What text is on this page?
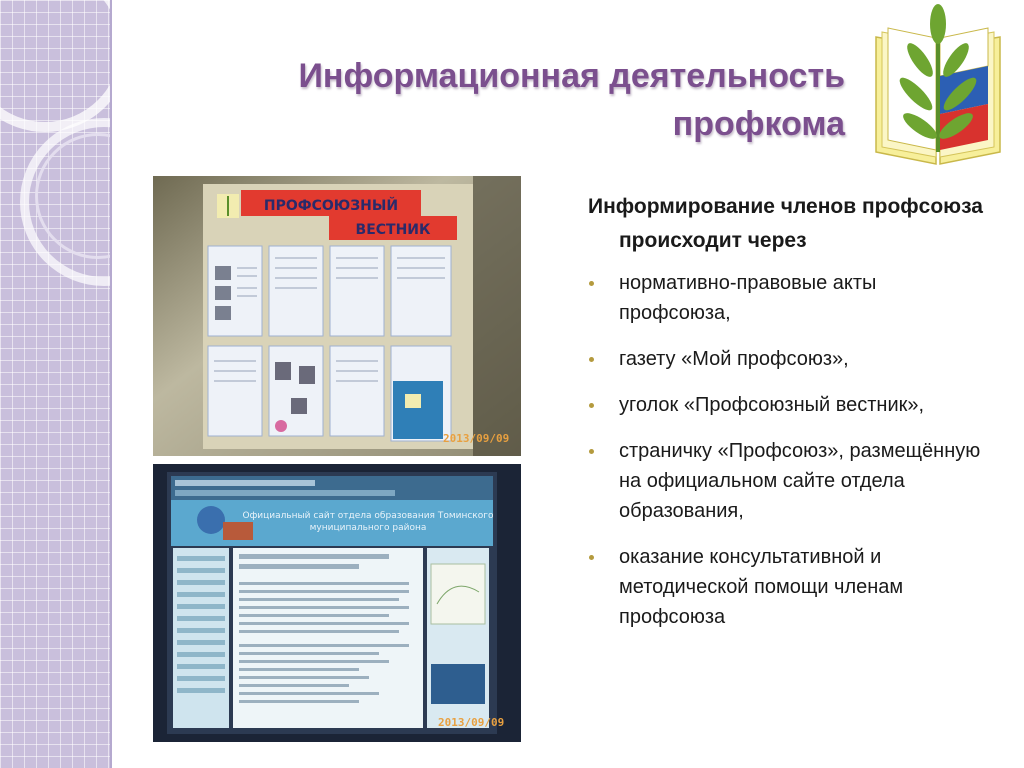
Информационная деятельность
профкома
ПРОФСОЮЗНЫЙ
ВЕСТНИК
2013/09/09
Официальный сайт отдела образования Томинского
муниципального района
2013/09/09

Информирование членов профсоюза происходит через

нормативно-правовые акты профсоюза,
газету «Мой профсоюз»,
уголок «Профсоюзный вестник»,
страничку «Профсоюз», размещённую на официальном сайте отдела образования,
оказание консультативной и методической помощи членам профсоюза
